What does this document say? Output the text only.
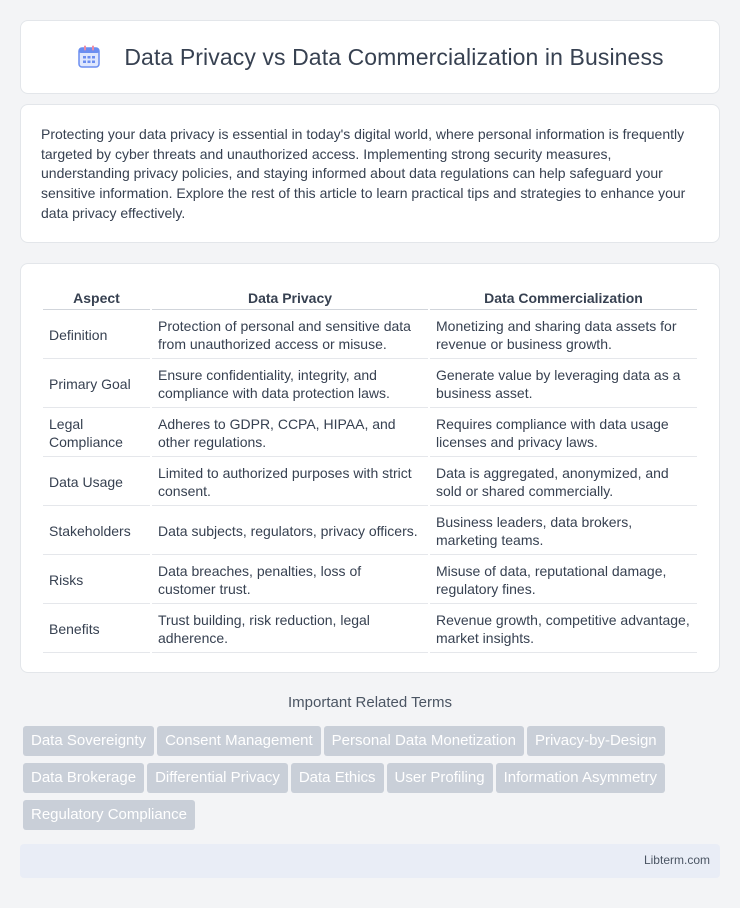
Data Privacy vs Data Commercialization in Business

Protecting your data privacy is essential in today's digital world, where personal information is frequently targeted by cyber threats and unauthorized access. Implementing strong security measures, understanding privacy policies, and staying informed about data regulations can help safeguard your sensitive information. Explore the rest of this article to learn practical tips and strategies to enhance your data privacy effectively.

Aspect	Data Privacy	Data Commercialization
Definition	Protection of personal and sensitive data from unauthorized access or misuse.	Monetizing and sharing data assets for revenue or business growth.
Primary Goal	Ensure confidentiality, integrity, and compliance with data protection laws.	Generate value by leveraging data as a business asset.
Legal Compliance	Adheres to GDPR, CCPA, HIPAA, and other regulations.	Requires compliance with data usage licenses and privacy laws.
Data Usage	Limited to authorized purposes with strict consent.	Data is aggregated, anonymized, and sold or shared commercially.
Stakeholders	Data subjects, regulators, privacy officers.	Business leaders, data brokers, marketing teams.
Risks	Data breaches, penalties, loss of customer trust.	Misuse of data, reputational damage, regulatory fines.
Benefits	Trust building, risk reduction, legal adherence.	Revenue growth, competitive advantage, market insights.
Important Related Terms
Data Sovereignty Consent Management Personal Data Monetization Privacy-by-DesignData Brokerage Differential Privacy Data Ethics User Profiling Information AsymmetryRegulatory Compliance
Libterm.com
